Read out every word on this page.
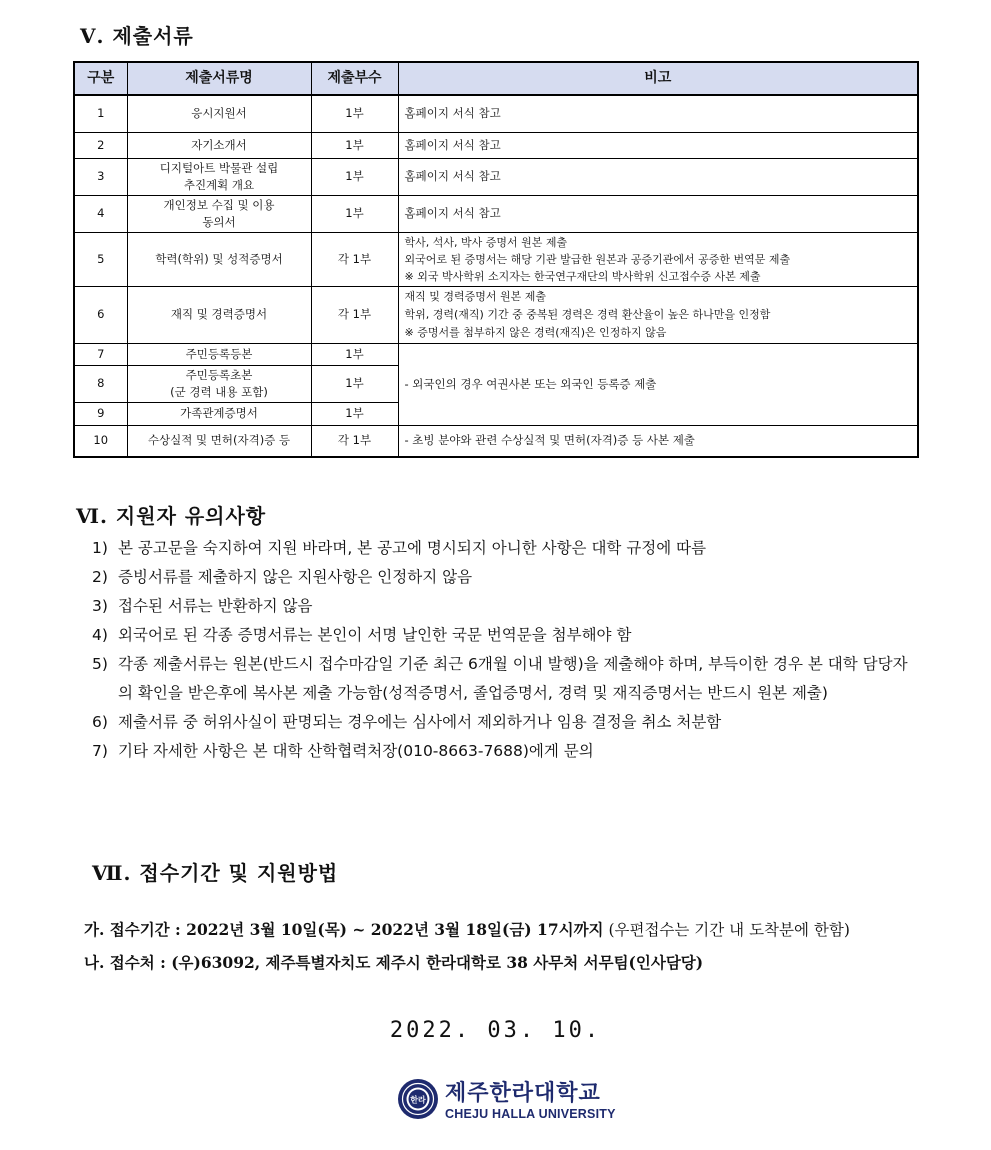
Ⅴ. 제출서류
구분	제출서류명	제출부수	비고
1	응시지원서	1부	홈페이지 서식 참고
2	자기소개서	1부	홈페이지 서식 참고
3	디지털아트 박물관 설립
추진계획 개요	1부	홈페이지 서식 참고
4	개인정보 수집 및 이용
동의서	1부	홈페이지 서식 참고
5	학력(학위) 및 성적증명서	각 1부	학사, 석사, 박사 증명서 원본 제출
외국어로 된 증명서는 해당 기관 발급한 원본과 공증기관에서 공증한 번역문 제출
※ 외국 박사학위 소지자는 한국연구재단의 박사학위 신고접수증 사본 제출

6	재직 및 경력증명서	각 1부	재직 및 경력증명서 원본 제출
학위, 경력(재직) 기간 중 중복된 경력은 경력 환산율이 높은 하나만을 인정함
※ 증명서를 첨부하지 않은 경력(재직)은 인정하지 않음

7	주민등록등본	1부	- 외국인의 경우 여권사본 또는 외국인 등록증 제출
8	주민등록초본
(군 경력 내용 포함)	1부	
9	가족관계증명서	1부	
10	수상실적 및 면허(자격)증 등	각 1부	- 초빙 분야와 관련 수상실적 및 면허(자격)증 등 사본 제출
Ⅵ. 지원자 유의사항
1) 본 공고문을 숙지하여 지원 바라며, 본 공고에 명시되지 아니한 사항은 대학 규정에 따름
2) 증빙서류를 제출하지 않은 지원사항은 인정하지 않음
3) 접수된 서류는 반환하지 않음
4) 외국어로 된 각종 증명서류는 본인이 서명 날인한 국문 번역문을 첨부해야 함
5) 각종 제출서류는 원본(반드시 접수마감일 기준 최근 6개월 이내 발행)을 제출해야 하며, 부득이한 경우 본 대학 담당자의 확인을 받은후에 복사본 제출 가능함(성적증명서, 졸업증명서, 경력 및 재직증명서는 반드시 원본 제출)
6) 제출서류 중 허위사실이 판명되는 경우에는 심사에서 제외하거나 임용 결정을 취소 처분함
7) 기타 자세한 사항은 본 대학 산학협력처장(010-8663-7688)에게 문의
Ⅶ. 접수기간 및 지원방법
가. 접수기간 : 2022년 3월 10일(목) ~ 2022년 3월 18일(금) 17시까지 (우편접수는 기간 내 도착분에 한함)
나. 접수처 : (우)63092, 제주특별자치도 제주시 한라대학로 38 사무처 서무팀(인사담당)
2022. 03. 10.
한라 제주한라대학교
CHEJU HALLA UNIVERSITY
